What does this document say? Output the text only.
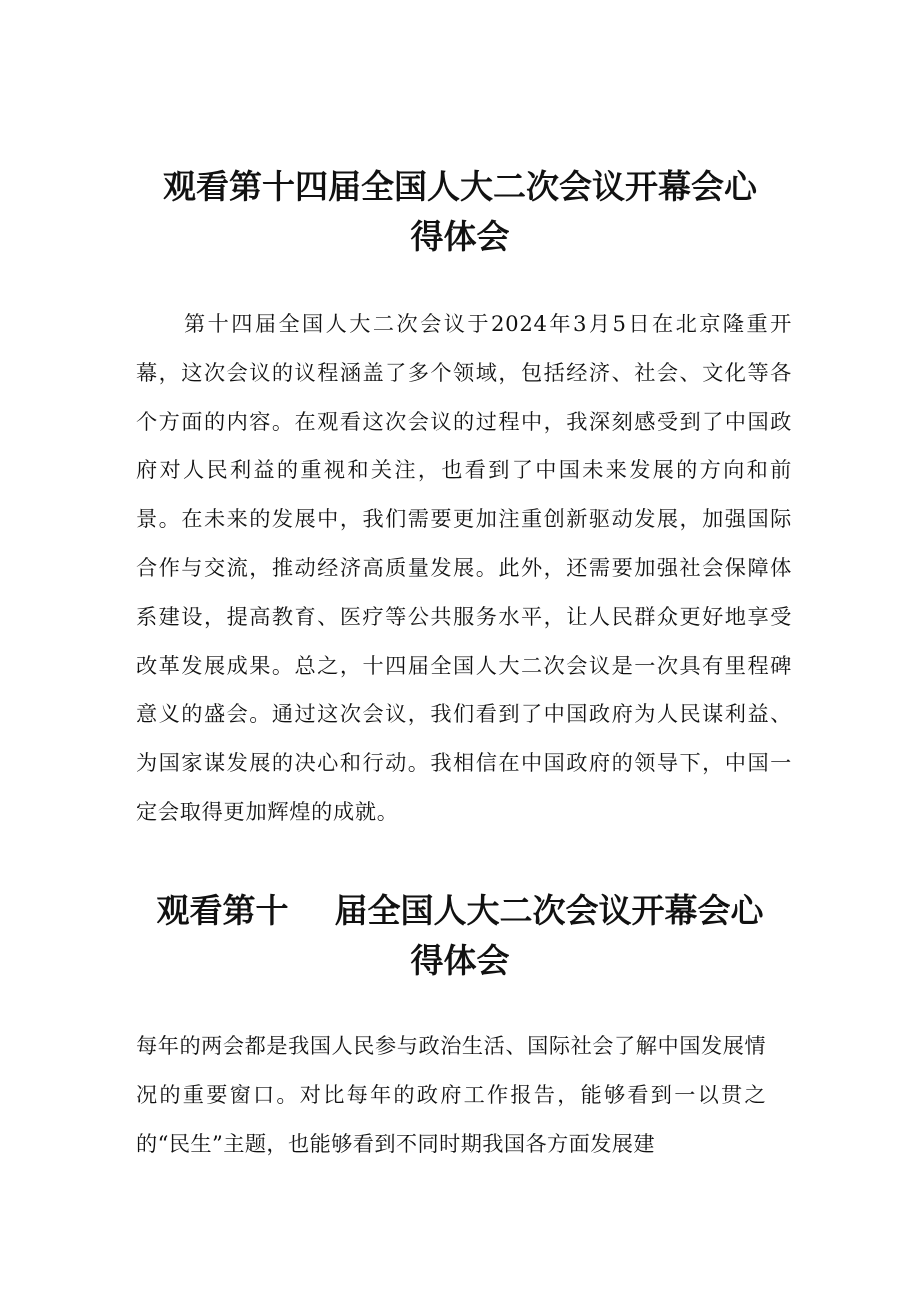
观看第十四届全国人大二次会议开幕会心
得体会
第十四届全国人大二次会议于2024年3月5日在北京隆重开幕，这次会议的议程涵盖了多个领域，包括经济、社会、文化等各个方面的内容。在观看这次会议的过程中，我深刻感受到了中国政府对人民利益的重视和关注，也看到了中国未来发展的方向和前景。在未来的发展中，我们需要更加注重创新驱动发展，加强国际合作与交流，推动经济高质量发展。此外，还需要加强社会保障体系建设，提高教育、医疗等公共服务水平，让人民群众更好地享受改革发展成果。总之，十四届全国人大二次会议是一次具有里程碑意义的盛会。通过这次会议，我们看到了中国政府为人民谋利益、为国家谋发展的决心和行动。我相信在中国政府的领导下，中国一定会取得更加辉煌的成就。
观看第十 届全国人大二次会议开幕会心
得体会
每年的两会都是我国人民参与政治生活、国际社会了解中国发展情况的重要窗口。对比每年的政府工作报告，能够看到一以贯之的“民生”主题，也能够看到不同时期我国各方面发展建
